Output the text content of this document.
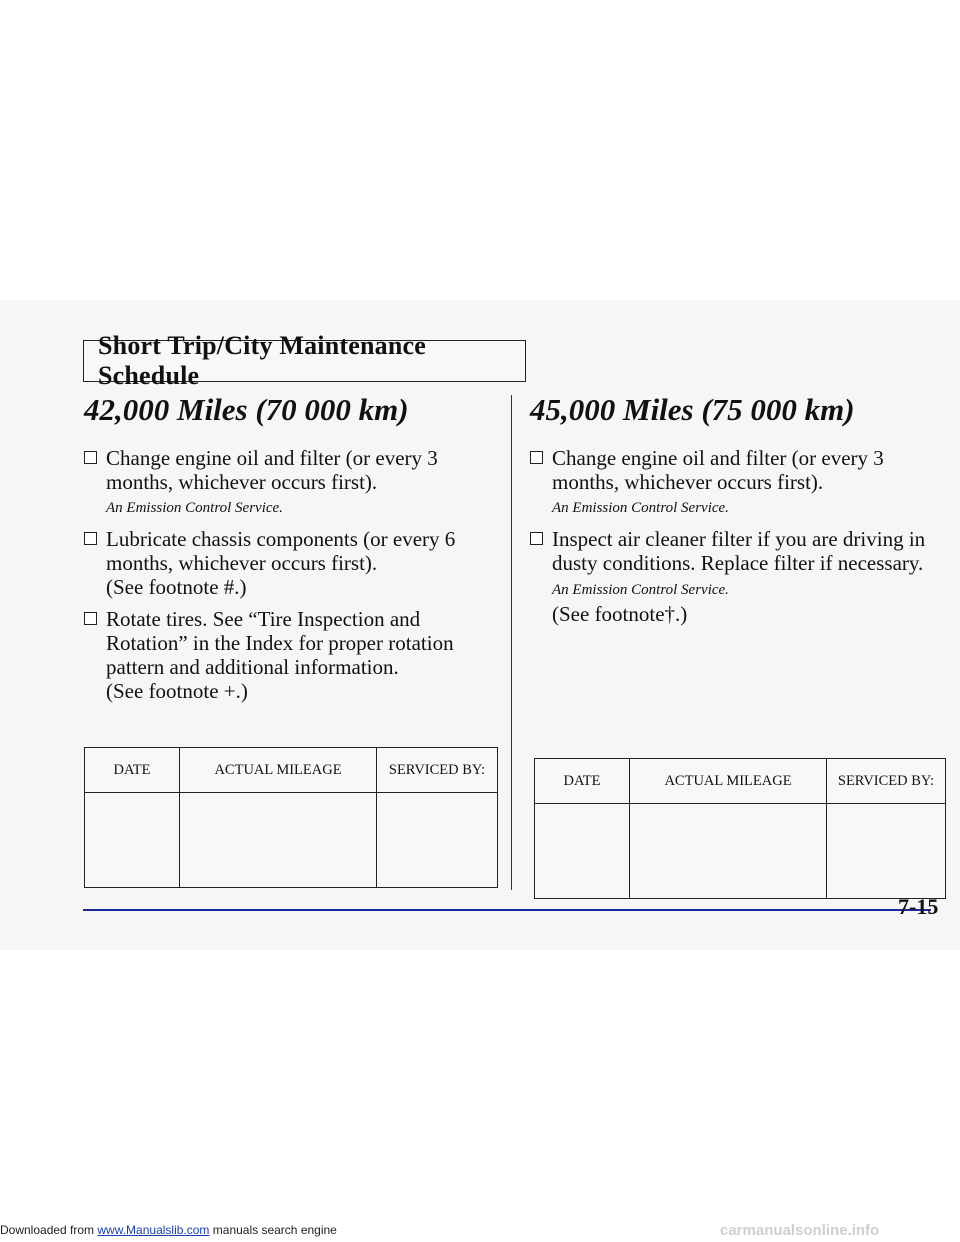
Short Trip/City Maintenance Schedule
42,000 Miles (70 000 km)
Change engine oil and filter (or every 3 months, whichever occurs first).
An Emission Control Service.
Lubricate chassis components (or every 6 months, whichever occurs first).
(See footnote #.)
Rotate tires. See “Tire Inspection and Rotation” in the Index for proper rotation pattern and additional information.
(See footnote +.)
45,000 Miles (75 000 km)
Change engine oil and filter (or every 3 months, whichever occurs first).
An Emission Control Service.
Inspect air cleaner filter if you are driving in dusty conditions. Replace filter if necessary. An Emission Control Service.
(See footnote†.)
DATE	ACTUAL MILEAGE	SERVICED BY:

DATE	ACTUAL MILEAGE	SERVICED BY:

7-15
Downloaded from www.Manualslib.com manuals search engine	carmanualsonline.info
